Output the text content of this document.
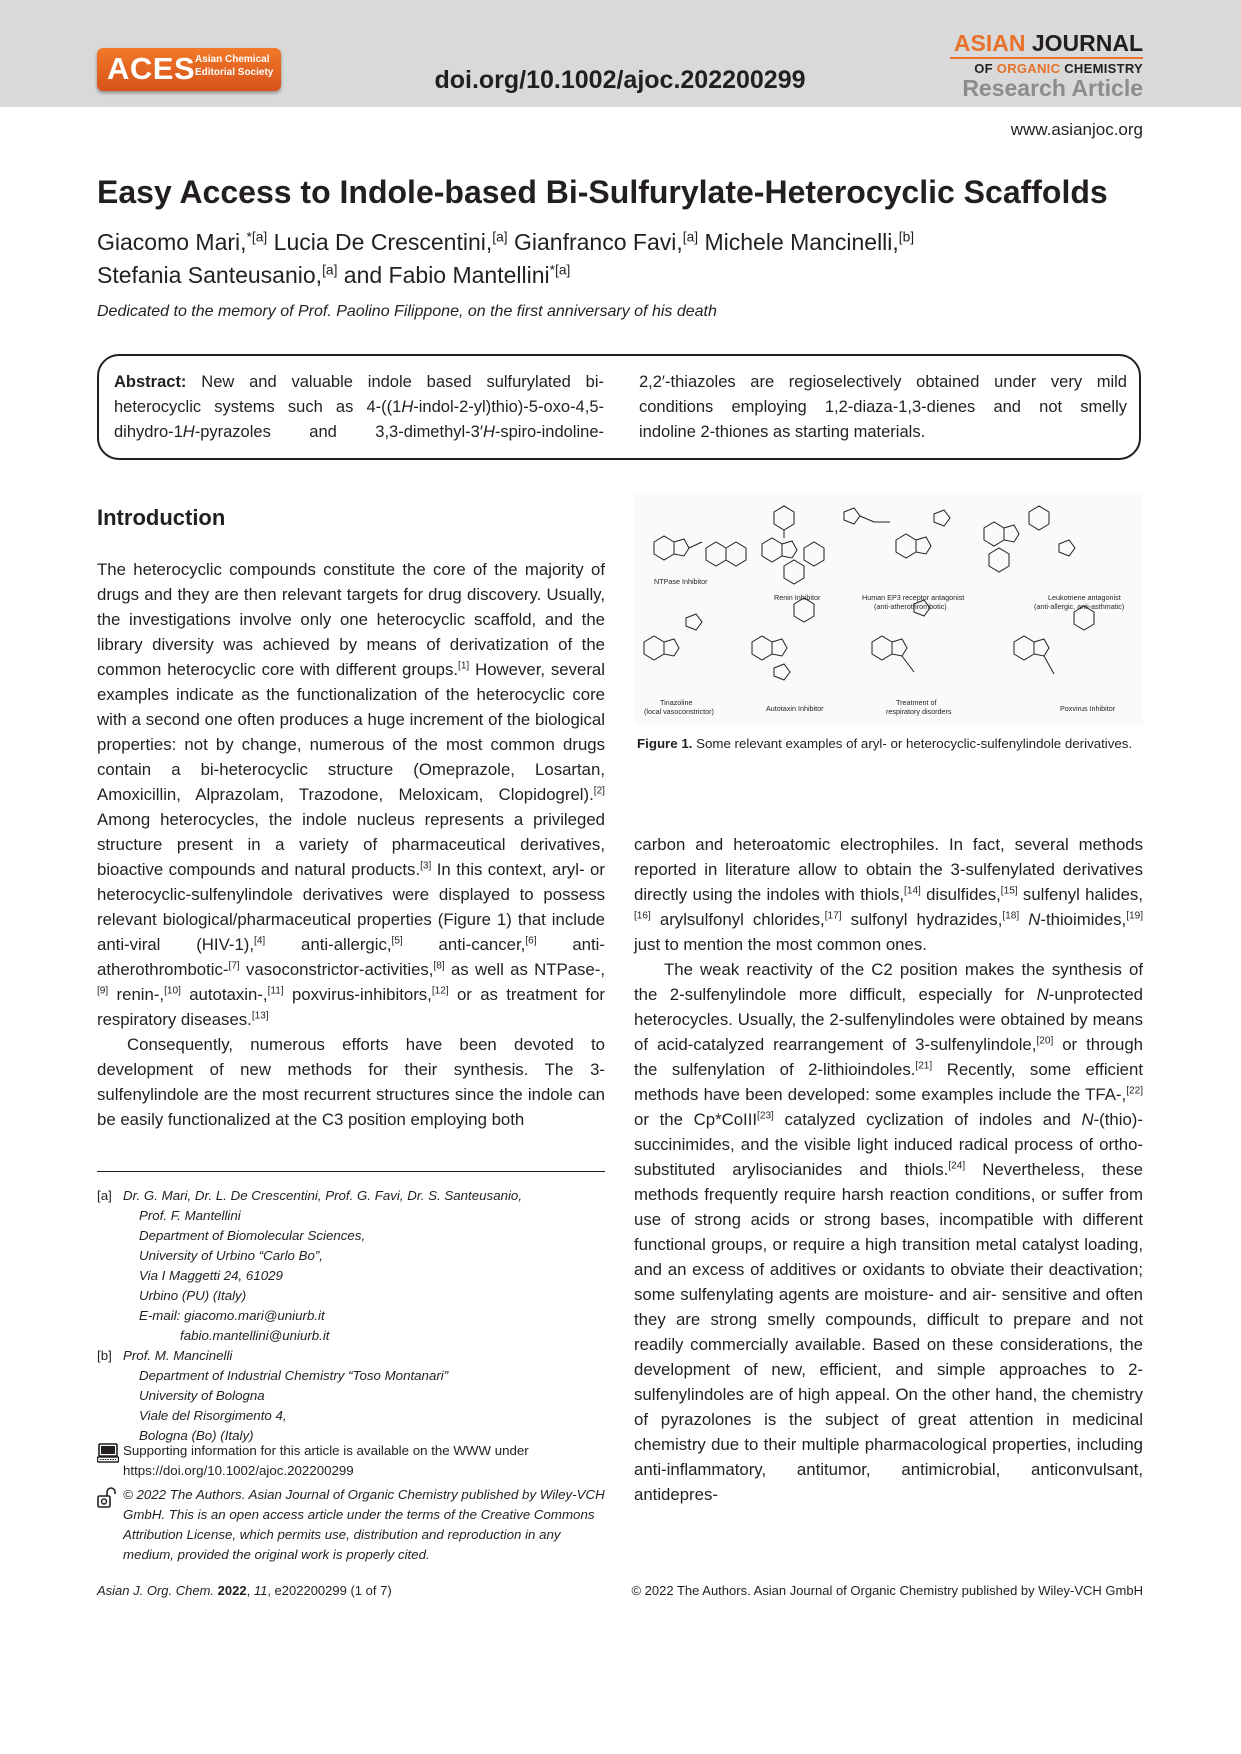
ACES Asian Chemical
Editorial Society	doi.org/10.1002/ajoc.202200299
ASIAN JOURNAL
OF ORGANIC CHEMISTRY
Research Article
www.asianjoc.org
Easy Access to Indole-based Bi-Sulfurylate-Heterocyclic Scaffolds
Giacomo Mari,$^{*[a]}$ Lucia De Crescentini,[a] Gianfranco Favi,[a] Michele Mancinelli,[b]
Stefania Santeusanio,[a] and Fabio Mantellini$^{*[a]}$
Dedicated to the memory of Prof. Paolino Filippone, on the first anniversary of his death
Abstract: New and valuable indole based sulfurylated bi-
heterocyclic systems such as 4-((1H-indol-2-yl)thio)-5-oxo-4,5-
dihydro-1H-pyrazoles and 3,3-dimethyl-3′H-spiro-indoline-
2,2′-thiazoles are regioselectively obtained under very mild
conditions employing 1,2-diaza-1,3-dienes and not smelly
indoline 2-thiones as starting materials.
Introduction

The heterocyclic compounds constitute the core of the majority of drugs and they are then relevant targets for drug discovery. Usually, the investigations involve only one heterocyclic scaffold, and the library diversity was achieved by means of derivatization of the common heterocyclic core with different groups.[1] However, several examples indicate as the functionalization of the heterocyclic core with a second one often produces a huge increment of the biological properties: not by change, numerous of the most common drugs contain a bi-heterocyclic structure (Omeprazole, Losartan, Amoxicillin, Alprazolam, Trazodone, Meloxicam, Clopidogrel).[2] Among heterocycles, the indole nucleus represents a privileged structure present in a variety of pharmaceutical derivatives, bioactive compounds and natural products.[3] In this context, aryl- or heterocyclic-sulfenylindole derivatives were displayed to possess relevant biological/pharmaceutical properties (Figure 1) that include anti-viral (HIV-1),[4] anti-allergic,[5] anti-cancer,[6] anti-atherothrombotic-[7] vasoconstrictor-activities,[8] as well as NTPase-,[9] renin-,[10] autotaxin-,[11] poxvirus-inhibitors,[12] or as treatment for respiratory diseases.[13]

Consequently, numerous efforts have been devoted to development of new methods for their synthesis. The 3-sulfenylindole are the most recurrent structures since the indole can be easily functionalized at the C3 position employing both

[a] Dr. G. Mari, Dr. L. De Crescentini, Prof. G. Favi, Dr. S. Santeusanio,
Prof. F. Mantellini
Department of Biomolecular Sciences,
University of Urbino “Carlo Bo”,
Via I Maggetti 24, 61029
Urbino (PU) (Italy)
E-mail: giacomo.mari@uniurb.it
fabio.mantellini@uniurb.it
[b] Prof. M. Mancinelli
Department of Industrial Chemistry “Toso Montanari”
University of Bologna
Viale del Risorgimento 4,
Bologna (Bo) (Italy)
Supporting information for this article is available on the WWW under https://doi.org/10.1002/ajoc.202200299
© 2022 The Authors. Asian Journal of Organic Chemistry published by Wiley-VCH GmbH. This is an open access article under the terms of the Creative Commons Attribution License, which permits use, distribution and reproduction in any medium, provided the original work is properly cited.
NTPase Inhibitor
Renin Inhibitor	Human EP3 receptor antagonist
(anti-atherothrombotic)
Leukotriene antagonist
(anti-allergic, anti-asthmatic)
Tinazoline
(local vasoconstrictor)	Autotaxin Inhibitor
Treatment of
respiratory disorders	Poxvirus Inhibitor
Figure 1. Some relevant examples of aryl- or heterocyclic-sulfenylindole derivatives.

carbon and heteroatomic electrophiles. In fact, several methods reported in literature allow to obtain the 3-sulfenylated derivatives directly using the indoles with thiols,[14] disulfides,[15] sulfenyl halides,[16] arylsulfonyl chlorides,[17] sulfonyl hydrazides,[18] N-thioimides,[19] just to mention the most common ones.

The weak reactivity of the C2 position makes the synthesis of the 2-sulfenylindole more difficult, especially for N-unprotected heterocycles. Usually, the 2-sulfenylindoles were obtained by means of acid-catalyzed rearrangement of 3-sulfenylindole,[20] or through the sulfenylation of 2-lithioindoles.[21] Recently, some efficient methods have been developed: some examples include the TFA-,[22] or the Cp*CoIII[23] catalyzed cyclization of indoles and N-(thio)-succinimides, and the visible light induced radical process of ortho-substituted arylisocianides and thiols.[24] Nevertheless, these methods frequently require harsh reaction conditions, or suffer from use of strong acids or strong bases, incompatible with different functional groups, or require a high transition metal catalyst loading, and an excess of additives or oxidants to obviate their deactivation; some sulfenylating agents are moisture- and air- sensitive and often they are strong smelly compounds, difficult to prepare and not readily commercially available. Based on these considerations, the development of new, efficient, and simple approaches to 2-sulfenylindoles are of high appeal. On the other hand, the chemistry of pyrazolones is the subject of great attention in medicinal chemistry due to their multiple pharmacological properties, including anti-inflammatory, antitumor, antimicrobial, anticonvulsant, antidepres-

Asian J. Org. Chem. 2022, 11, e202200299 (1 of 7)	© 2022 The Authors. Asian Journal of Organic Chemistry published by Wiley-VCH GmbH
